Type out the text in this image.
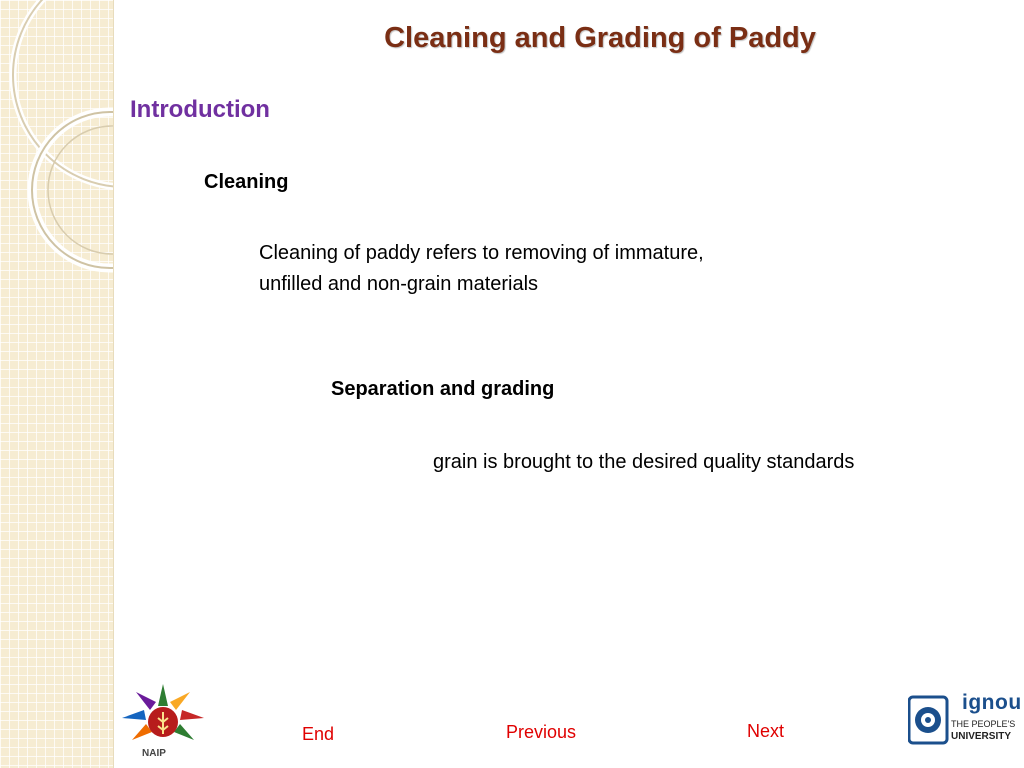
Cleaning and Grading of Paddy
Introduction
Cleaning
Cleaning of paddy refers to removing of immature, unfilled and non-grain materials
Separation and grading
grain is brought to the desired quality standards
NAIP
End	Previous	Next
ignou
THE PEOPLE'S
UNIVERSITY
